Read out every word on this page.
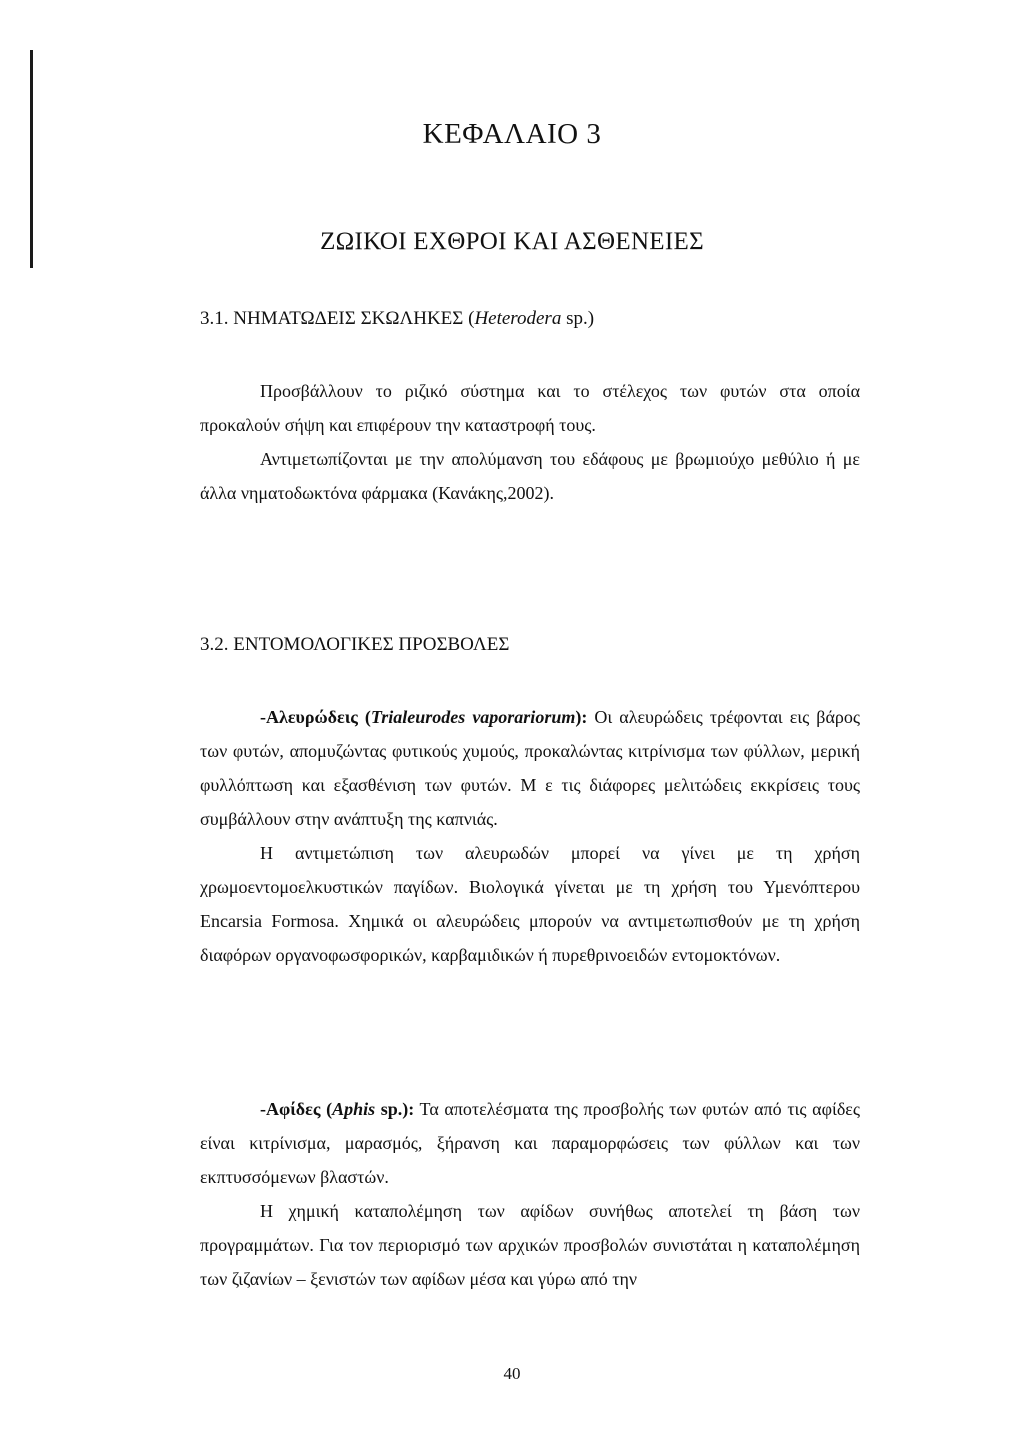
ΚΕΦΑΛΑΙΟ 3
ΖΩΙΚΟΙ ΕΧΘΡΟΙ ΚΑΙ ΑΣΘΕΝΕΙΕΣ
3.1. ΝΗΜΑΤΩΔΕΙΣ ΣΚΩΛΗΚΕΣ (Heterodera sp.)

Προσβάλλουν το ριζικό σύστημα και το στέλεχος των φυτών στα οποία προκαλούν σήψη και επιφέρουν την καταστροφή τους.

Αντιμετωπίζονται με την απολύμανση του εδάφους με βρωμιούχο μεθύλιο ή με άλλα νηματοδωκτόνα φάρμακα (Κανάκης,2002).

3.2. ΕΝΤΟΜΟΛΟΓΙΚΕΣ ΠΡΟΣΒΟΛΕΣ

-Αλευρώδεις (Trialeurodes vaporariorum): Οι αλευρώδεις τρέφονται εις βάρος των φυτών, απομυζώντας φυτικούς χυμούς, προκαλώντας κιτρίνισμα των φύλλων, μερική φυλλόπτωση και εξασθένιση των φυτών. Μ ε τις διάφορες μελιτώδεις εκκρίσεις τους συμβάλλουν στην ανάπτυξη της καπνιάς.

Η αντιμετώπιση των αλευρωδών μπορεί να γίνει με τη χρήση χρωμοεντομοελκυστικών παγίδων. Βιολογικά γίνεται με τη χρήση του Υμενόπτερου Encarsia Formosa. Χημικά οι αλευρώδεις μπορούν να αντιμετωπισθούν με τη χρήση διαφόρων οργανοφωσφορικών, καρβαμιδικών ή πυρεθρινοειδών εντομοκτόνων.

-Αφίδες (Aphis sp.): Τα αποτελέσματα της προσβολής των φυτών από τις αφίδες είναι κιτρίνισμα, μαρασμός, ξήρανση και παραμορφώσεις των φύλλων και των εκπτυσσόμενων βλαστών.

Η χημική καταπολέμηση των αφίδων συνήθως αποτελεί τη βάση των προγραμμάτων. Για τον περιορισμό των αρχικών προσβολών συνιστάται η καταπολέμηση των ζιζανίων – ξενιστών των αφίδων μέσα και γύρω από την

40
